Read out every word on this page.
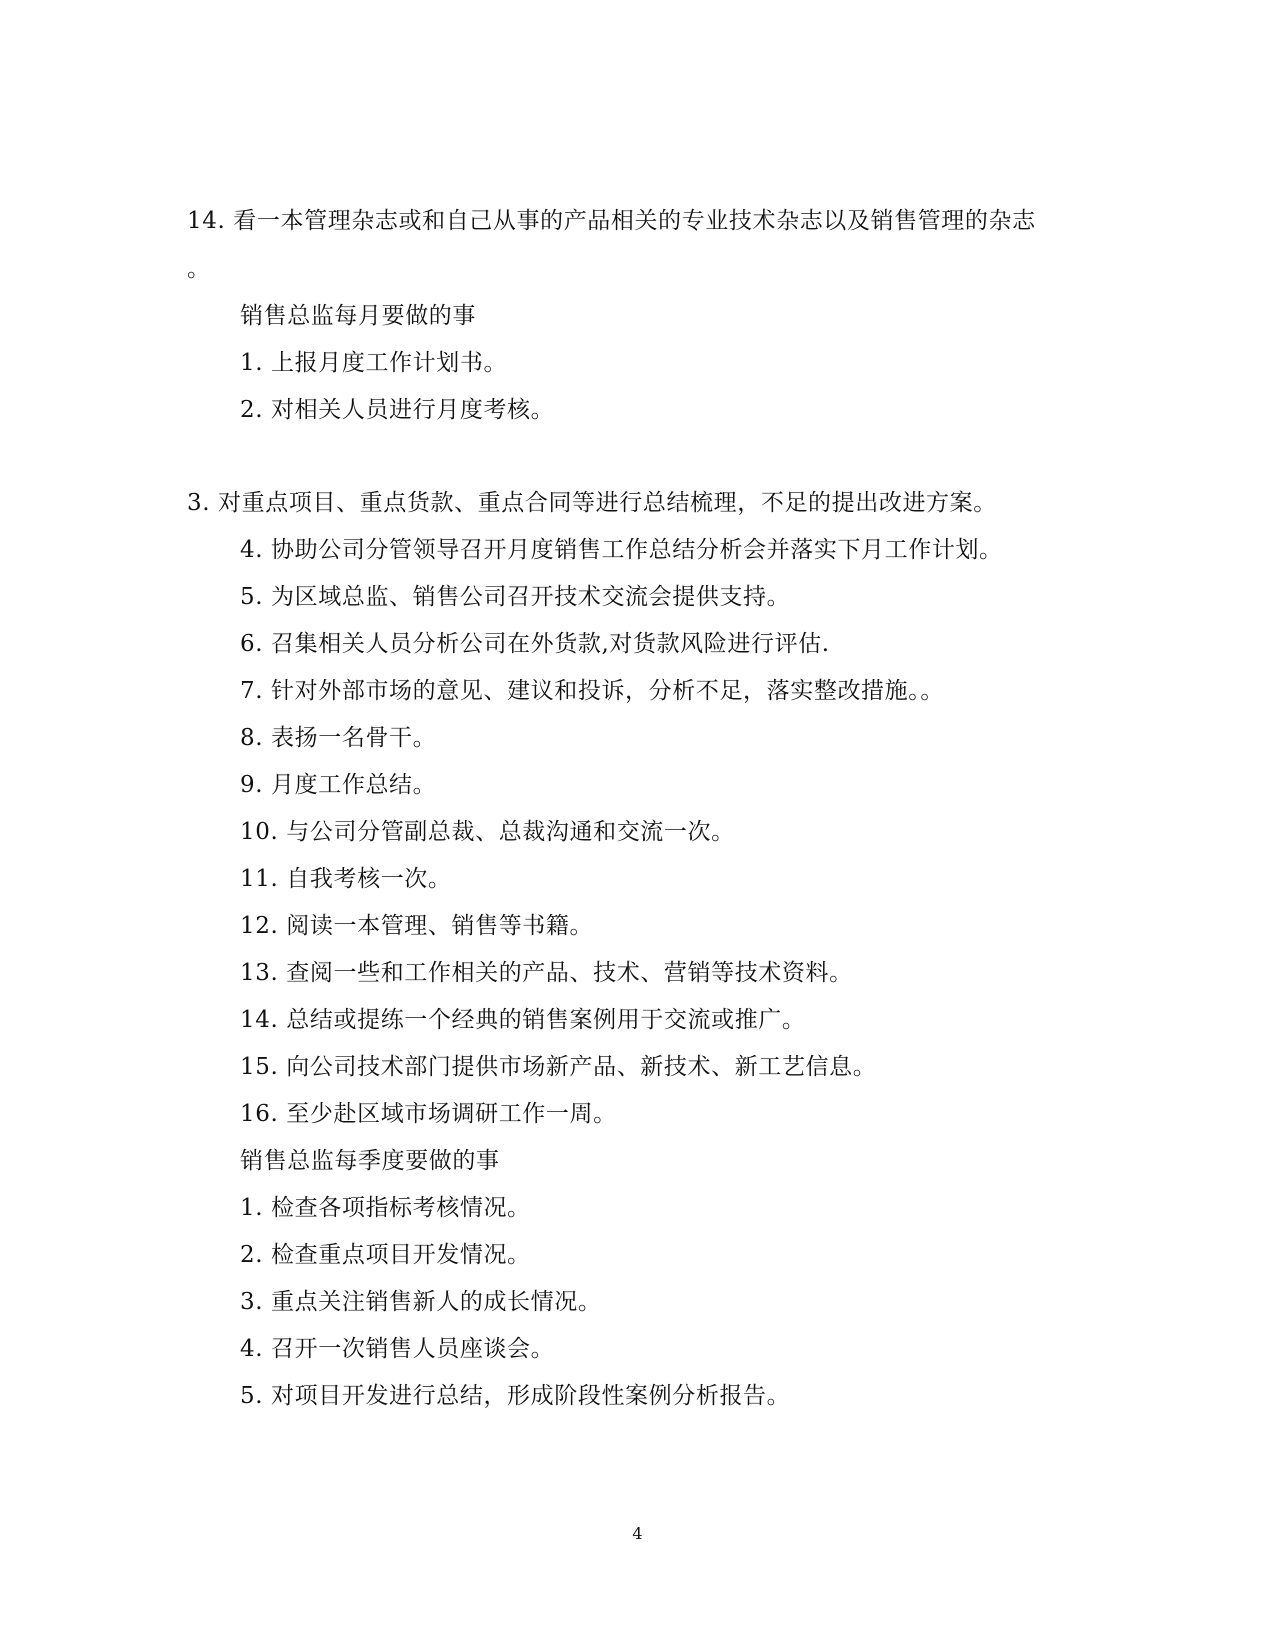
14. 看一本管理杂志或和自己从事的产品相关的专业技术杂志以及销售管理的杂志
。
销售总监每月要做的事
1. 上报月度工作计划书。
2. 对相关人员进行月度考核。
3. 对重点项目、重点货款、重点合同等进行总结梳理，不足的提出改进方案。
4. 协助公司分管领导召开月度销售工作总结分析会并落实下月工作计划。
5. 为区域总监、销售公司召开技术交流会提供支持。
6. 召集相关人员分析公司在外货款,对货款风险进行评估.
7. 针对外部市场的意见、建议和投诉，分析不足，落实整改措施。。
8. 表扬一名骨干。
9. 月度工作总结。
10. 与公司分管副总裁、总裁沟通和交流一次。
11. 自我考核一次。
12. 阅读一本管理、销售等书籍。
13. 查阅一些和工作相关的产品、技术、营销等技术资料。
14. 总结或提练一个经典的销售案例用于交流或推广。
15. 向公司技术部门提供市场新产品、新技术、新工艺信息。
16. 至少赴区域市场调研工作一周。
销售总监每季度要做的事
1. 检查各项指标考核情况。
2. 检查重点项目开发情况。
3. 重点关注销售新人的成长情况。
4. 召开一次销售人员座谈会。
5. 对项目开发进行总结，形成阶段性案例分析报告。
4
